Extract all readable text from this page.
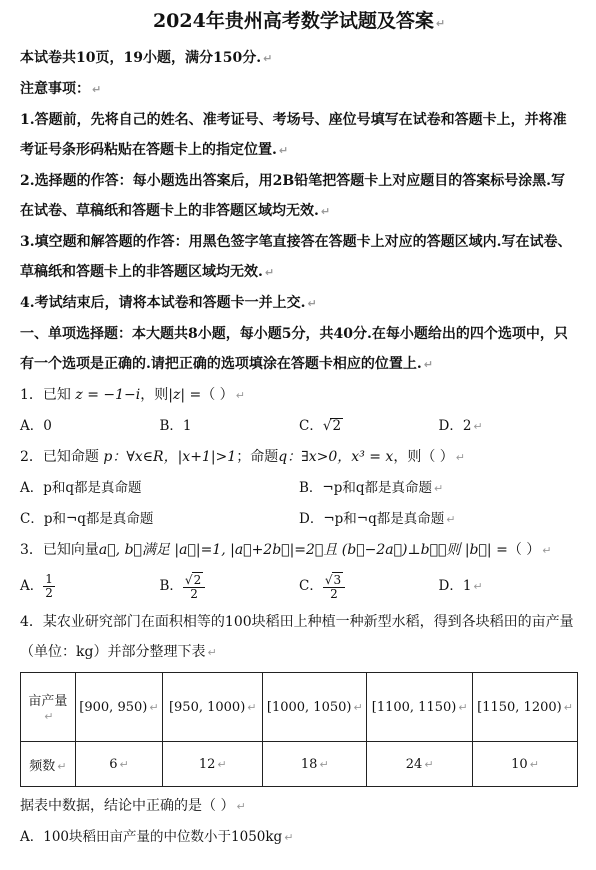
2024年贵州高考数学试题及答案 ↵
本试卷共10页，19小题，满分150分. ↵
注意事项： ↵
1.答题前，先将自己的姓名、准考证号、考场号、座位号填写在试卷和答题卡上，并将准考证号条形码粘贴在答题卡上的指定位置. ↵
2.选择题的作答：每小题选出答案后，用2B铅笔把答题卡上对应题目的答案标号涂黑.写在试卷、草稿纸和答题卡上的非答题区域均无效. ↵
3.填空题和解答题的作答：用黑色签字笔直接答在答题卡上对应的答题区域内.写在试卷、草稿纸和答题卡上的非答题区域均无效. ↵
4.考试结束后，请将本试卷和答题卡一并上交. ↵
一、单项选择题：本大题共8小题，每小题5分，共40分.在每小题给出的四个选项中，只有一个选项是正确的.请把正确的选项填涂在答题卡相应的位置上. ↵
1．已知 z = −1−i，则|z| =（ ） ↵
A．0	B．1	C．√2	D．2 ↵
2．已知命题 p：∀x∈R，|x+1|>1；命题q：∃x>0，x³ = x，则（ ） ↵
A．p和q都是真命题	B．¬p和q都是真命题 ↵
C．p和¬q都是真命题	D．¬p和¬q都是真命题 ↵
3．已知向量a⃗, b⃗满足 |a⃗|=1, |a⃗+2b⃗|=2，且 (b⃗−2a⃗)⊥b⃗，则 |b⃗| =（ ） ↵
A． $\frac{1}{2}$	B． $\frac{√2}{2}$	C． $\frac{√3}{2}$	D．1 ↵
4．某农业研究部门在面积相等的100块稻田上种植一种新型水稻，得到各块稻田的亩产量（单位：kg）并部分整理下表 ↵
亩产量↵	[900, 950) ↵	[950, 1000) ↵	[1000, 1050) ↵	[1100, 1150) ↵	[1150, 1200) ↵
频数 ↵	6 ↵	12 ↵	18 ↵	24 ↵	10 ↵
据表中数据，结论中正确的是（ ） ↵
A．100块稻田亩产量的中位数小于1050kg ↵
